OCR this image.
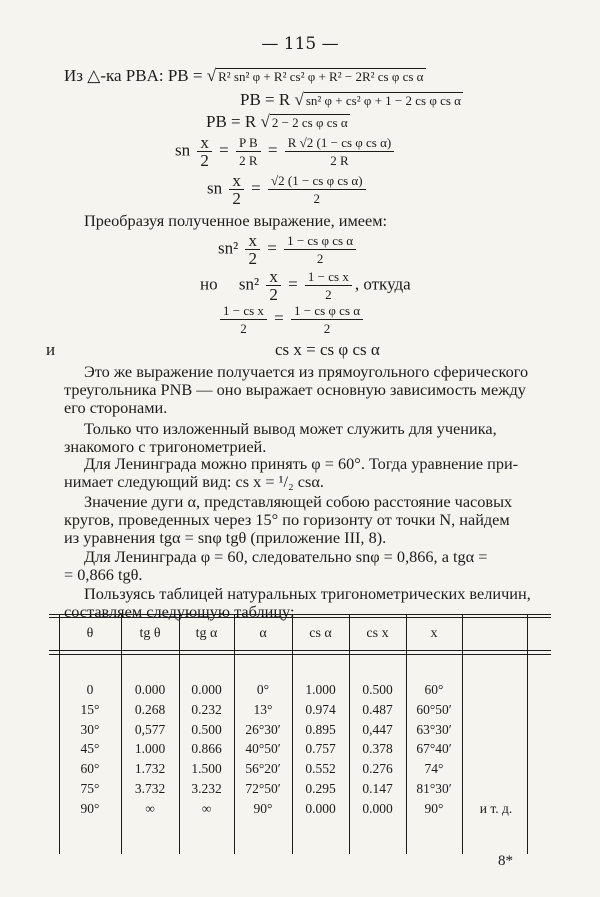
— 115 —
Из △-ка PBA: PB = √ R² sn² φ + R² cs² φ + R² − 2R² cs φ cs α
PB = R √ sn² φ + cs² φ + 1 − 2 cs φ cs α
PB = R √ 2 − 2 cs φ cs α
sn $\frac{x}{2} = \frac{\text{P B}}{2 R} = \frac{\text{R √2 (1 − cs φ cs α)}}{2 R}$
sn $\frac{x}{2} = \frac{\text{√2 (1 − cs φ cs α)}}{2}$
Преобразуя полученное выражение, имеем:
$sn^2 \frac{x}{2} = \frac{\text{1 − cs φ cs α}}{2}$
но $sn^2 \frac{x}{2} = \frac{\text{1 − cs x}}{2}$ , откуда
$\frac{\text{1 − cs x}}{2} = \frac{\text{1 − cs φ cs α}}{2}$
и	cs x = cs φ cs α
Это же выражение получается из прямоугольного сферического
треугольника PNB — оно выражает основную зависимость между
его сторонами.
Только что изложенный вывод может служить для ученика,
знакомого с тригонометрией.
Для Ленинграда можно принять φ = 60°. Тогда уравнение при-
нимает следующий вид: cs x = ¹/₂ csα.
Значение дуги α, представляющей собою расстояние часовых
кругов, проведенных через 15° по горизонту от точки N, найдем
из уравнения tgα = snφ tgθ (приложение III, 8).
Для Ленинграда φ = 60, следовательно snφ = 0,866, а tgα =
= 0,866 tgθ.
Пользуясь таблицей натуральных тригонометрических величин,
составляем следующую таблицу:
θ	tg θ	tg α	α	cs α	cs x	x
0	0.000	0.000	0°	1.000	0.500	60°
15°	0.268	0.232	13°	0.974	0.487	60°50′
30°	0,577	0.500	26°30′	0.895	0,447	63°30′
45°	1.000	0.866	40°50′	0.757	0.378	67°40′
60°	1.732	1.500	56°20′	0.552	0.276	74°
75°	3.732	3.232	72°50′	0.295	0.147	81°30′
90°	∞	∞	90°	0.000	0.000	90°	и т. д.
8*
